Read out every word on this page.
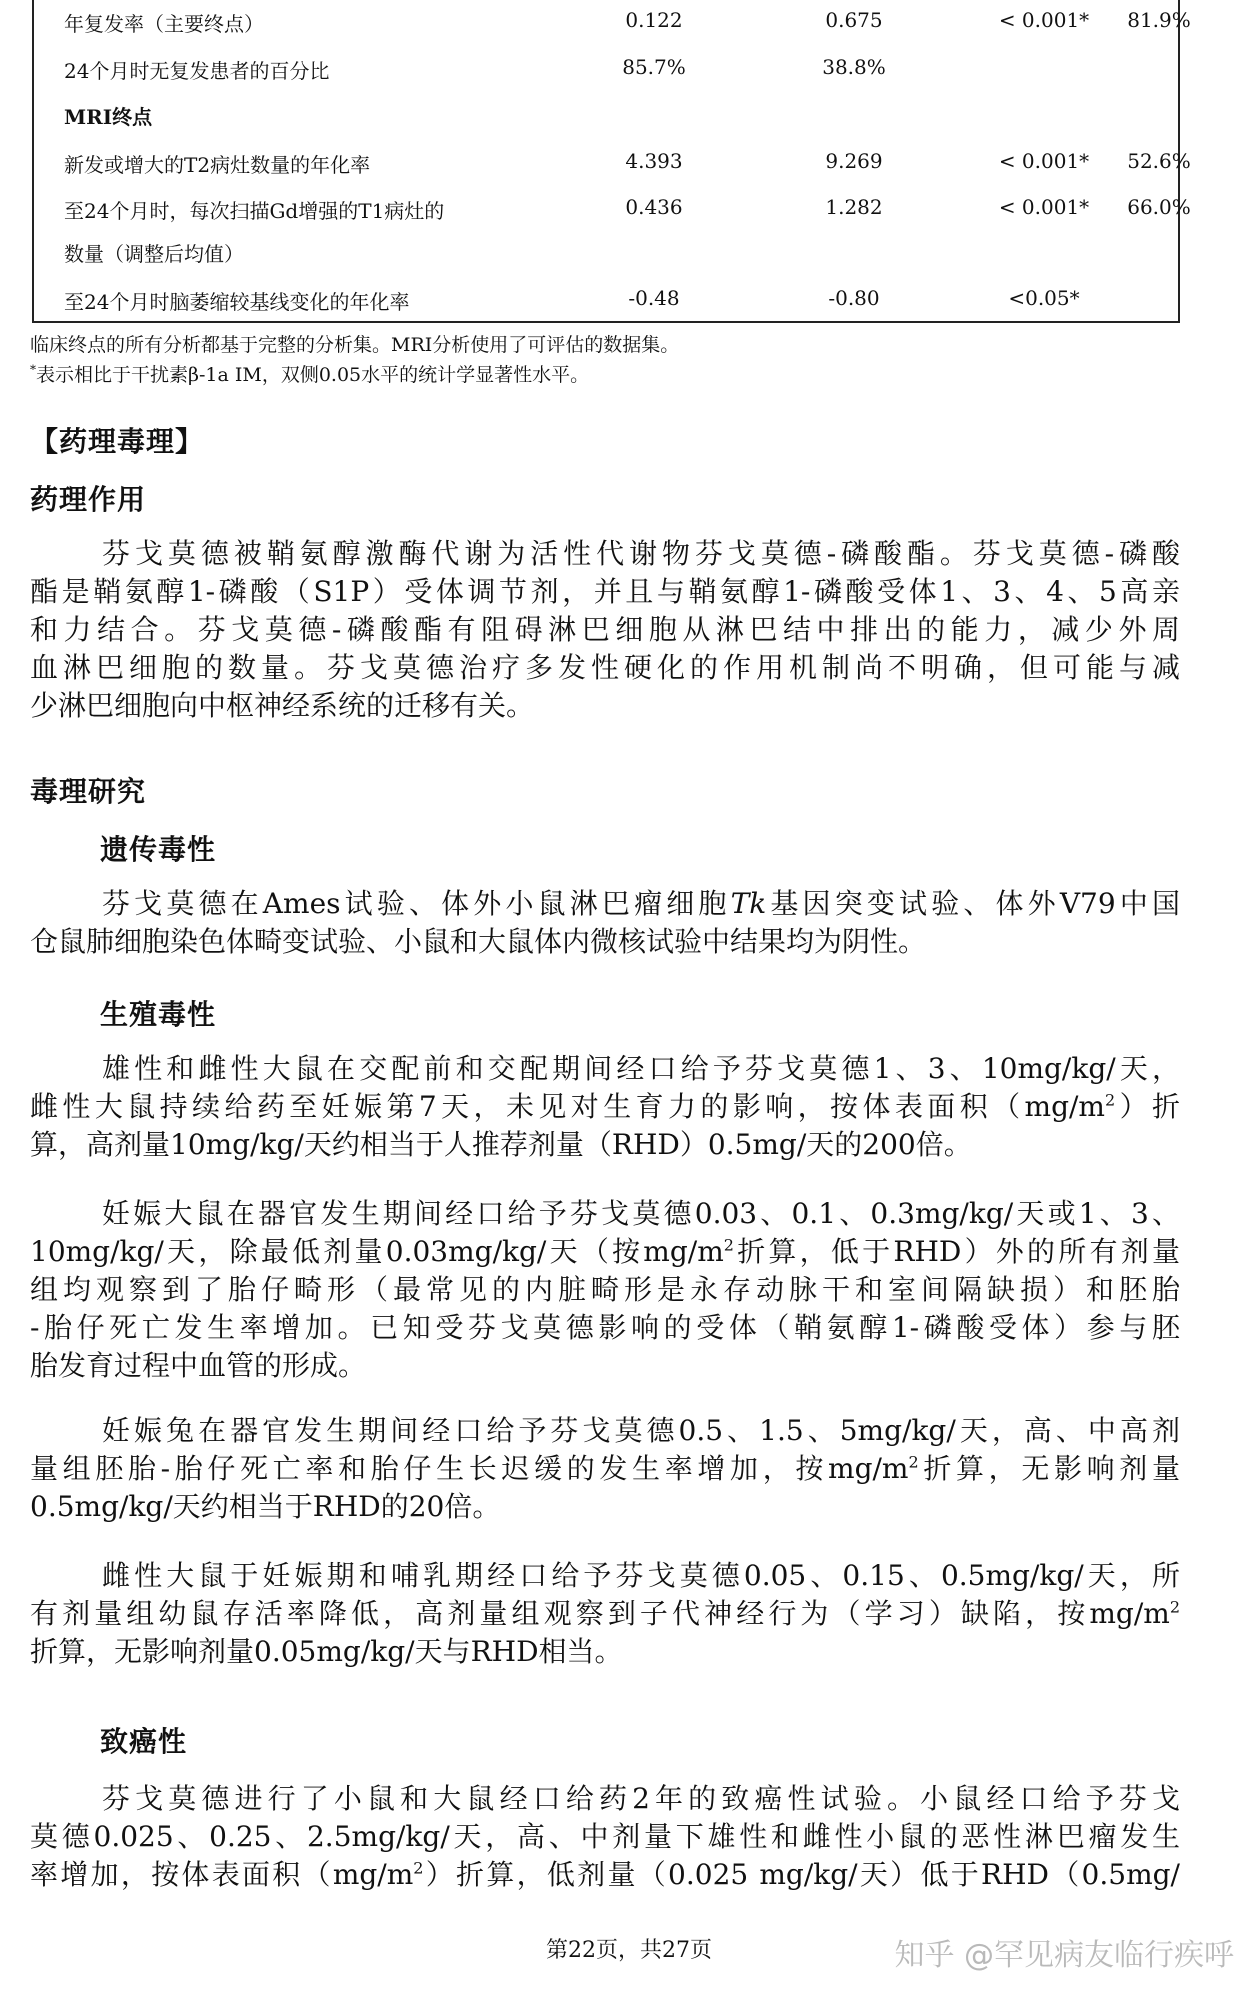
年复发率（主要终点）	0.122	0.675	< 0.001*	81.9%
24个月时无复发患者的百分比	85.7%	38.8%
MRI终点
新发或增大的T2病灶数量的年化率	4.393	9.269	< 0.001*	52.6%
至24个月时，每次扫描Gd增强的T1病灶的	0.436	1.282	< 0.001*	66.0%
数量（调整后均值）
至24个月时脑萎缩较基线变化的年化率	-0.48	-0.80	<0.05*
临床终点的所有分析都基于完整的分析集。MRI分析使用了可评估的数据集。
*表示相比于干扰素β-1a IM，双侧0.05水平的统计学显著性水平。
【药理毒理】
药理作用
芬戈莫德被鞘氨醇激酶代谢为活性代谢物芬戈莫德-磷酸酯。芬戈莫德-磷酸
酯是鞘氨醇1-磷酸（S1P）受体调节剂，并且与鞘氨醇1-磷酸受体1、3、4、5高亲
和力结合。芬戈莫德-磷酸酯有阻碍淋巴细胞从淋巴结中排出的能力，减少外周
血淋巴细胞的数量。芬戈莫德治疗多发性硬化的作用机制尚不明确，但可能与减
少淋巴细胞向中枢神经系统的迁移有关。
毒理研究
遗传毒性
芬戈莫德在Ames试验、体外小鼠淋巴瘤细胞Tk基因突变试验、体外V79中国
仓鼠肺细胞染色体畸变试验、小鼠和大鼠体内微核试验中结果均为阴性。
生殖毒性
雄性和雌性大鼠在交配前和交配期间经口给予芬戈莫德1、3、10mg/kg/天，
雌性大鼠持续给药至妊娠第7天，未见对生育力的影响，按体表面积$(mg/m^2)$折
算，高剂量10mg/kg/天约相当于人推荐剂量（RHD）0.5mg/天的200倍。
妊娠大鼠在器官发生期间经口给予芬戈莫德0.03、0.1、0.3mg/kg/天或1、3、
10mg/kg/天，除最低剂量0.03mg/kg/天（按$mg/m^2$折算，低于RHD）外的所有剂量
组均观察到了胎仔畸形（最常见的内脏畸形是永存动脉干和室间隔缺损）和胚胎
-胎仔死亡发生率增加。已知受芬戈莫德影响的受体（鞘氨醇1-磷酸受体）参与胚
胎发育过程中血管的形成。
妊娠兔在器官发生期间经口给予芬戈莫德0.5、1.5、5mg/kg/天，高、中高剂
量组胚胎-胎仔死亡率和胎仔生长迟缓的发生率增加，按$mg/m^2$折算，无影响剂量
0.5mg/kg/天约相当于RHD的20倍。
雌性大鼠于妊娠期和哺乳期经口给予芬戈莫德0.05、0.15、0.5mg/kg/天，所
有剂量组幼鼠存活率降低，高剂量组观察到子代神经行为（学习）缺陷，按$mg/m^2$
折算，无影响剂量0.05mg/kg/天与RHD相当。
致癌性
芬戈莫德进行了小鼠和大鼠经口给药2年的致癌性试验。小鼠经口给予芬戈
莫德0.025、0.25、2.5mg/kg/天，高、中剂量下雄性和雌性小鼠的恶性淋巴瘤发生
率增加，按体表面积$(mg/m^2)$折算，低剂量（0.025 mg/kg/天）低于RHD（0.5mg/
第22页，共27页	知乎 @罕见病友临行疾呼
